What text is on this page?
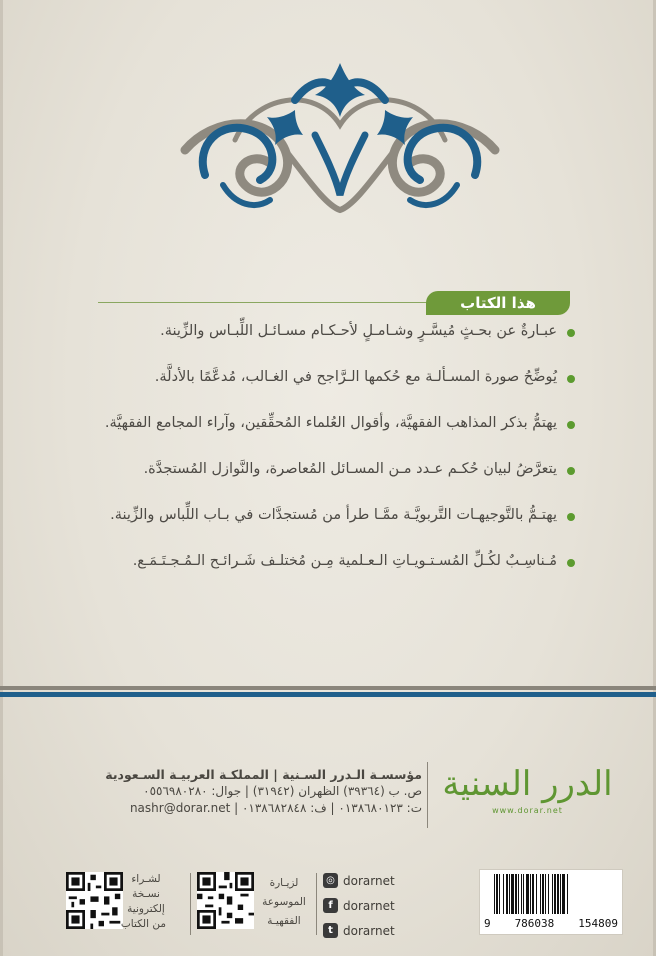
هذا الكتاب
عبـارةٌ عن بحـثٍ مُيسَّـرٍ وشـامـلٍ لأحـكـام مسـائـل اللِّبـاس والزِّينة.
يُوضِّحُ صورة المسـألـة مع حُكمها الـرَّاجح في الغـالب، مُدعَّمًا بالأدلَّة.
يهتمُّ بذكر المذاهب الفقهيَّة، وأقوال العُلماء المُحقِّقين، وآراء المجامع الفقهيَّة.
يتعرَّضُ لبيان حُكـم عـدد مـن المسـائل المُعاصرة، والنَّوازل المُستجدَّة.
يهتـمُّ بالتَّوجيهـات التَّربويَّـة ممَّـا طرأ من مُستجدَّات في بـاب اللِّباس والزِّينة.
مُـناسِـبٌ لكُـلِّ المُسـتـويـاتِ الـعـلمية مِـن مُختلـف شَـرائـح الـمُـجـتَـمَـع.
الدرر السنية
www.dorar.net
مؤسسـة الـدرر السـنية | المملكـة العربيـة السـعودية
ص. ب (٣٩٣٦٤) الظهران (٣١٩٤٢) | جوال: ٠٥٥٦٩٨٠٢٨٠
ت: ٠١٣٨٦٨٠١٢٣ | ف: ٠١٣٨٦٨٢٨٤٨ | nashr@dorar.net
لشـراء
نسـخة
إلكترونية
من الكتاب
لزيـارة
الموسوعة
الفقهيـة
◎ dorarnet
f dorarnet
t dorarnet	9 786038 154809
